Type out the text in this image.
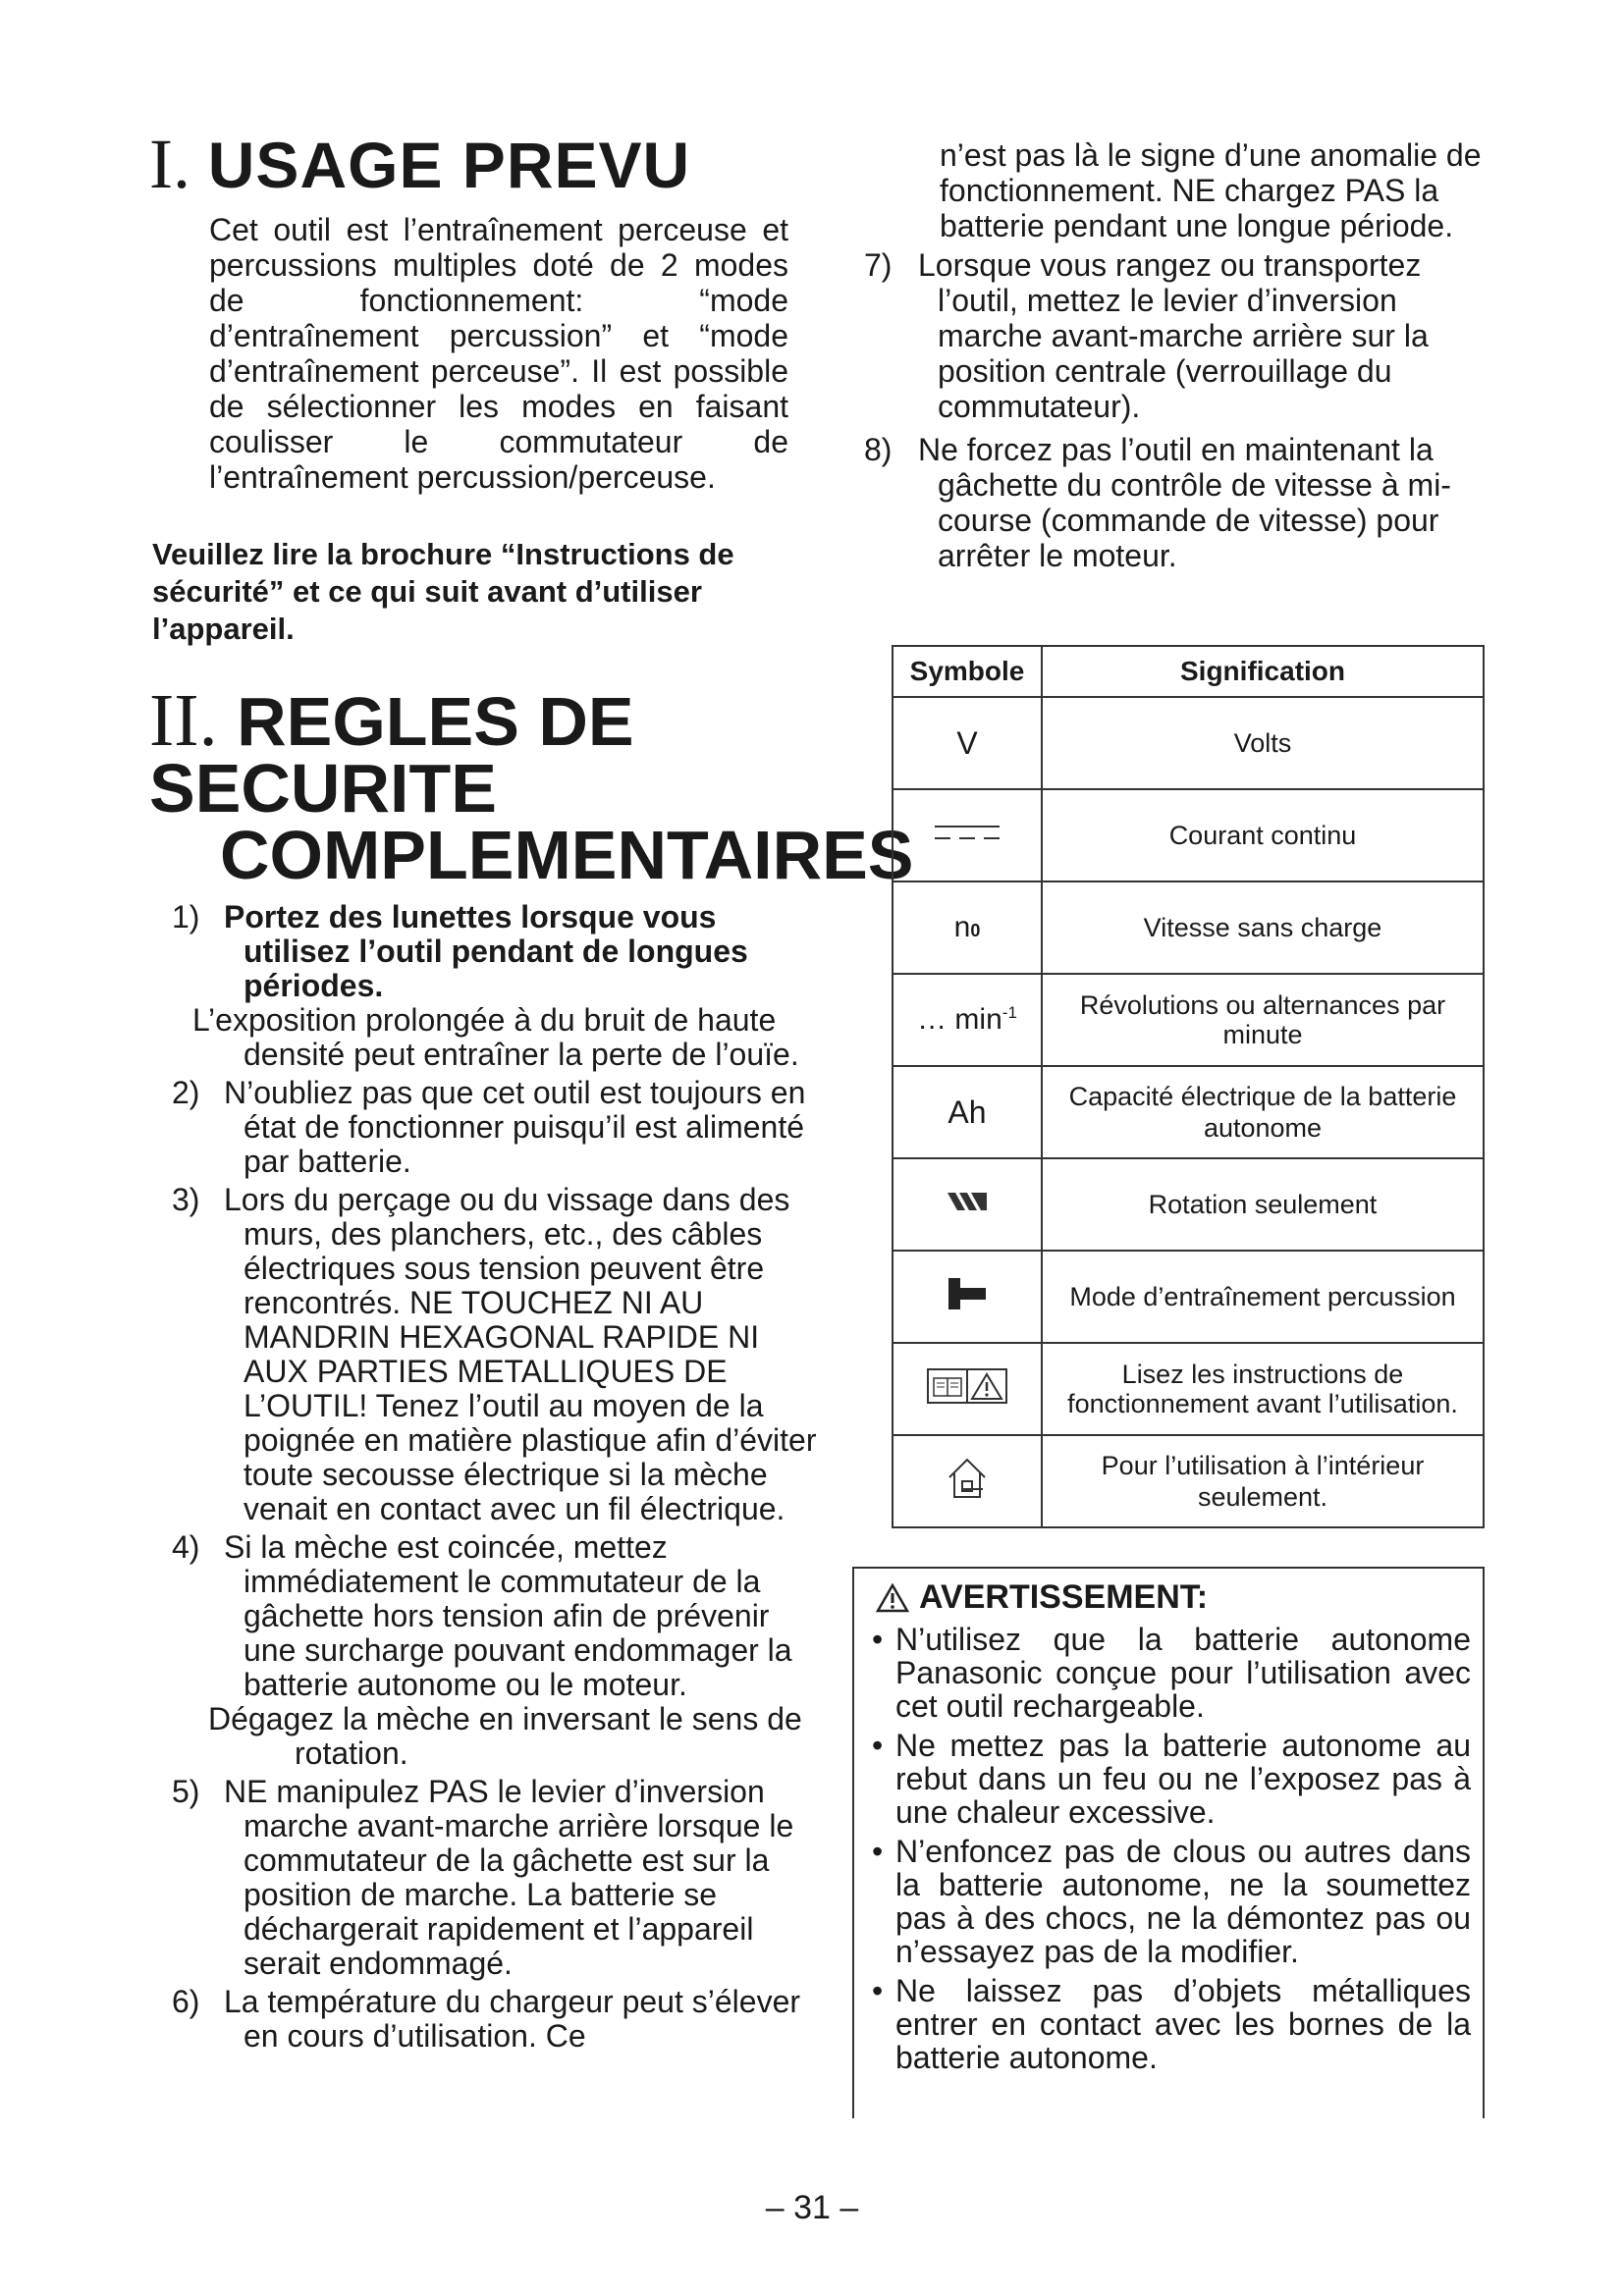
I. USAGE PREVU

Cet outil est l’entraînement perceuse et percussions multiples doté de 2 modes de fonctionnement: “mode d’entraînement percussion” et “mode d’entraînement perceuse”. Il est possible de sélectionner les modes en faisant coulisser le commutateur de l’entraînement percussion/perceuse.

Veuillez lire la brochure “Instructions de sécurité” et ce qui suit avant d’utiliser l’appareil.

II. REGLES DE SECURITE
COMPLEMENTAIRES
1) Portez des lunettes lorsque vous utilisez l’outil pendant de longues périodes.
L’exposition prolongée à du bruit de haute densité peut entraîner la perte de l’ouïe.
2) N’oubliez pas que cet outil est toujours en état de fonctionner puisqu’il est alimenté par batterie.
3) Lors du perçage ou du vissage dans des murs, des planchers, etc., des câbles électriques sous tension peuvent être rencontrés. NE TOUCHEZ NI AU MANDRIN HEXAGONAL RAPIDE NI AUX PARTIES METALLIQUES DE L’OUTIL! Tenez l’outil au moyen de la poignée en matière plastique afin d’éviter toute secousse électrique si la mèche venait en contact avec un fil électrique.
4) Si la mèche est coincée, mettez immédiatement le commutateur de la gâchette hors tension afin de prévenir une surcharge pouvant endommager la batterie autonome ou le moteur.
Dégagez la mèche en inversant le sens de rotation.
5) NE manipulez PAS le levier d’inversion marche avant-marche arrière lorsque le commutateur de la gâchette est sur la position de marche. La batterie se déchargerait rapidement et l’appareil serait endommagé.
6) La température du chargeur peut s’élever en cours d’utilisation. Ce

n’est pas là le signe d’une anomalie de fonctionnement. NE chargez PAS la batterie pendant une longue période.

7) Lorsque vous rangez ou transportez l’outil, mettez le levier d’inversion marche avant-marche arrière sur la position centrale (verrouillage du commutateur).
8) Ne forcez pas l’outil en maintenant la gâchette du contrôle de vitesse à mi-course (commande de vitesse) pour arrêter le moteur.
Symbole	Signification
V	Volts
	Courant continu
n0	Vitesse sans charge
… $\min^{-1}$	Révolutions ou alternances par minute
Ah	Capacité électrique de la batterie autonome
	Rotation seulement
	Mode d’entraînement percussion
	Lisez les instructions de fonctionnement avant l’utilisation.
	Pour l’utilisation à l’intérieur seulement.
AVERTISSEMENT:
• N’utilisez que la batterie autonome Panasonic conçue pour l’utilisation avec cet outil rechargeable.
• Ne mettez pas la batterie autonome au rebut dans un feu ou ne l’exposez pas à une chaleur excessive.
• N’enfoncez pas de clous ou autres dans la batterie autonome, ne la soumettez pas à des chocs, ne la démontez pas ou n’essayez pas de la modifier.
• Ne laissez pas d’objets métalliques entrer en contact avec les bornes de la batterie autonome.
– 31 –
